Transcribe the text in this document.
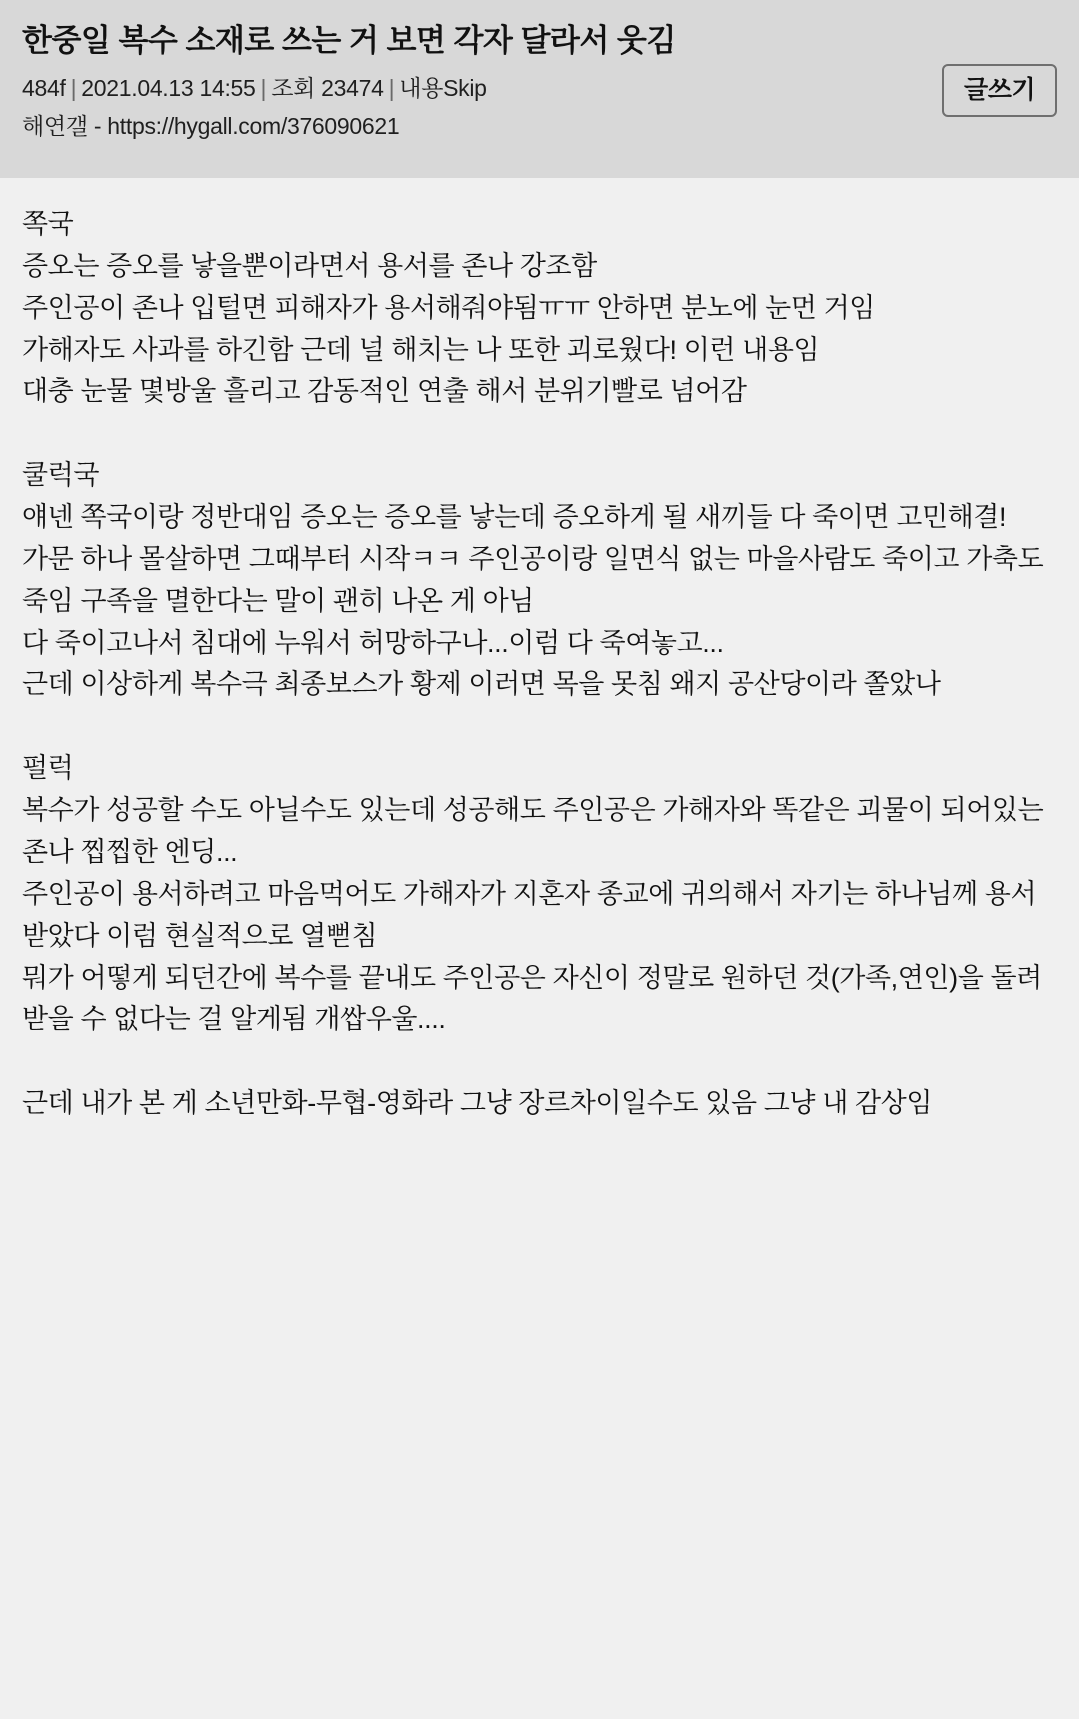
한중일 복수 소재로 쓰는 거 보면 각자 달라서 웃김
484f | 2021.04.13 14:55 | 조회 23474 | 내용Skip
해연갤 - https://hygall.com/376090621
글쓰기

쪽국

증오는 증오를 낳을뿐이라면서 용서를 존나 강조함

주인공이 존나 입털면 피해자가 용서해줘야됨ㅠㅠ 안하면 분노에 눈먼 거임

가해자도 사과를 하긴함 근데 널 해치는 나 또한 괴로웠다! 이런 내용임

대충 눈물 몇방울 흘리고 감동적인 연출 해서 분위기빨로 넘어감

쿨럭국

얘넨 쪽국이랑 정반대임 증오는 증오를 낳는데 증오하게 될 새끼들 다 죽이면 고민해결!

가문 하나 몰살하면 그때부터 시작ㅋㅋ 주인공이랑 일면식 없는 마을사람도 죽이고 가축도 죽임 구족을 멸한다는 말이 괜히 나온 게 아님

다 죽이고나서 침대에 누워서 허망하구나...이럼 다 죽여놓고...

근데 이상하게 복수극 최종보스가 황제 이러면 목을 못침 왜지 공산당이라 쫄았나

펄럭

복수가 성공할 수도 아닐수도 있는데 성공해도 주인공은 가해자와 똑같은 괴물이 되어있는 존나 찝찝한 엔딩...

주인공이 용서하려고 마음먹어도 가해자가 지혼자 종교에 귀의해서 자기는 하나님께 용서받았다 이럼 현실적으로 열뻗침

뭐가 어떻게 되던간에 복수를 끝내도 주인공은 자신이 정말로 원하던 것(가족,연인)을 돌려받을 수 없다는 걸 알게됨 개쌉우울....

근데 내가 본 게 소년만화-무협-영화라 그냥 장르차이일수도 있음 그냥 내 감상임
